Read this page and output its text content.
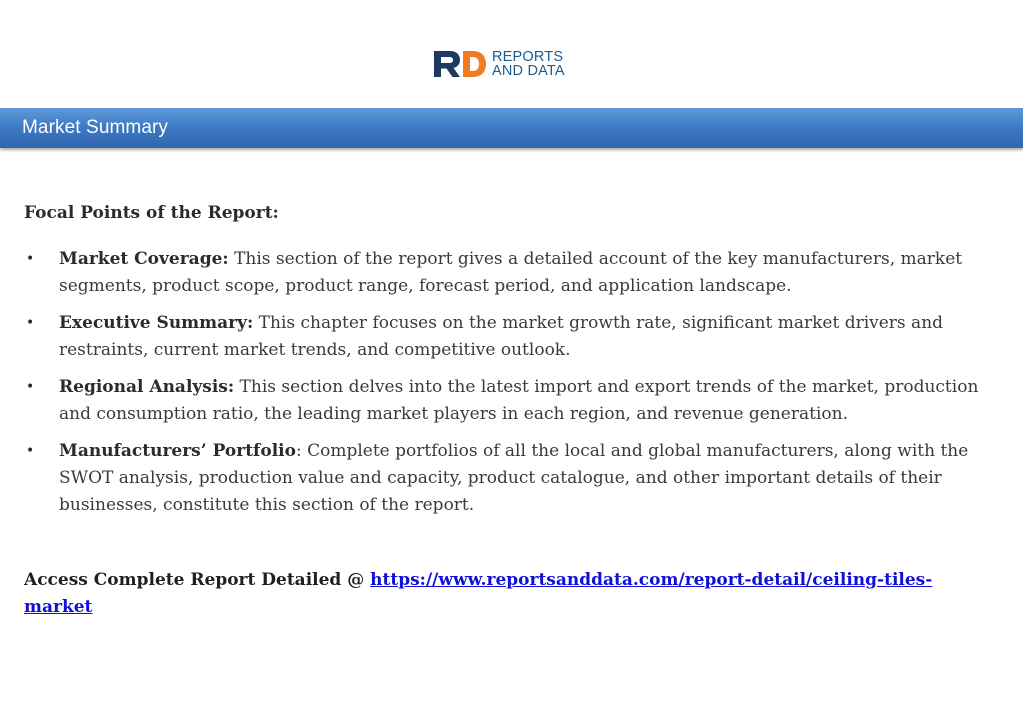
REPORTS
AND DATA
Market Summary
Focal Points of the Report:
• Market Coverage: This section of the report gives a detailed account of the key manufacturers, market segments, product scope, product range, forecast period, and application landscape.
• Executive Summary: This chapter focuses on the market growth rate, significant market drivers and restraints, current market trends, and competitive outlook.
• Regional Analysis: This section delves into the latest import and export trends of the market, production and consumption ratio, the leading market players in each region, and revenue generation.
• Manufacturers’ Portfolio: Complete portfolios of all the local and global manufacturers, along with the SWOT analysis, production value and capacity, product catalogue, and other important details of their businesses, constitute this section of the report.
Access Complete Report Detailed @ https://www.reportsanddata.com/report-detail/ceiling-tiles-market
